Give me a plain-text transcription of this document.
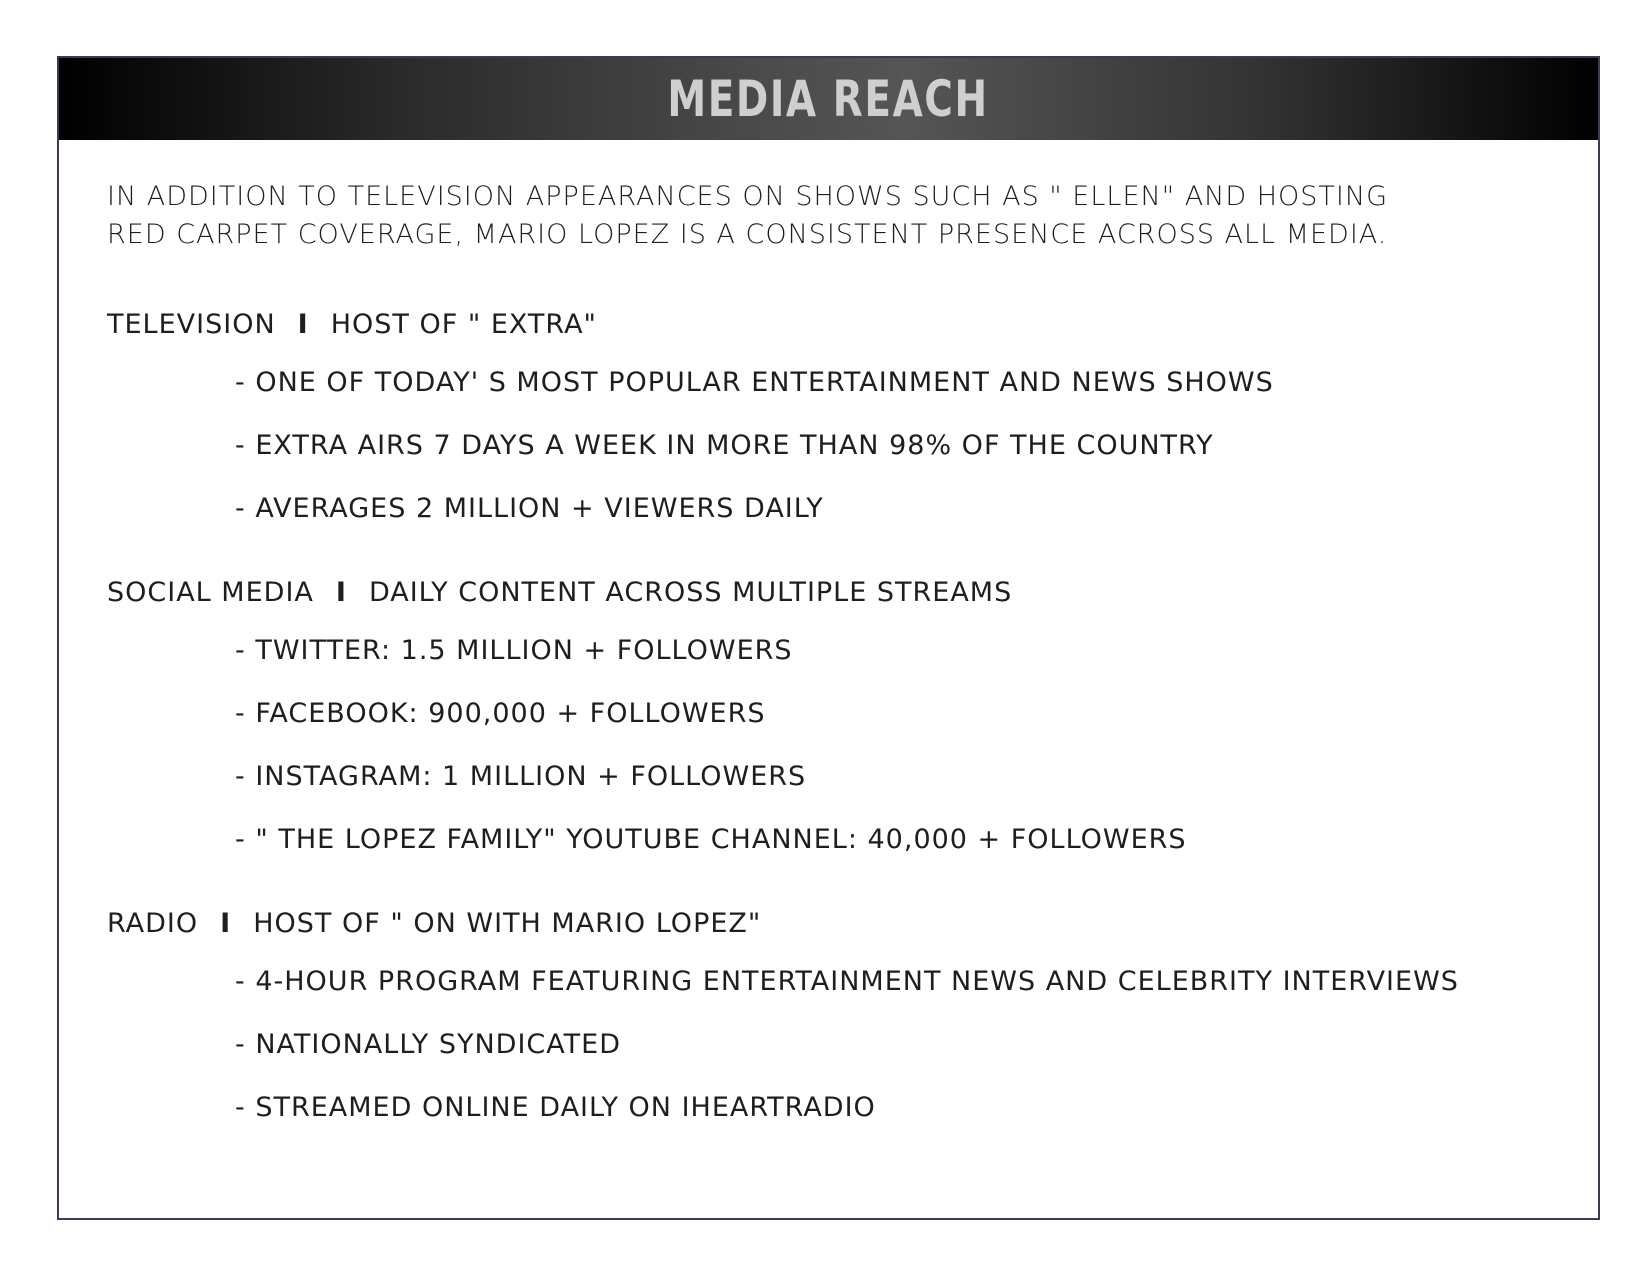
MEDIA REACH

IN ADDITION TO TELEVISION APPEARANCES ON SHOWS SUCH AS " ELLEN" AND HOSTING
RED CARPET COVERAGE, MARIO LOPEZ IS A CONSISTENT PRESENCE ACROSS ALL MEDIA.

TELEVISION I HOST OF " EXTRA"
- ONE OF TODAY' S MOST POPULAR ENTERTAINMENT AND NEWS SHOWS
- EXTRA AIRS 7 DAYS A WEEK IN MORE THAN 98% OF THE COUNTRY
- AVERAGES 2 MILLION + VIEWERS DAILY
SOCIAL MEDIA I DAILY CONTENT ACROSS MULTIPLE STREAMS
- TWITTER: 1.5 MILLION + FOLLOWERS
- FACEBOOK: 900,000 + FOLLOWERS
- INSTAGRAM: 1 MILLION + FOLLOWERS
- " THE LOPEZ FAMILY" YOUTUBE CHANNEL: 40,000 + FOLLOWERS
RADIO I HOST OF " ON WITH MARIO LOPEZ"
- 4-HOUR PROGRAM FEATURING ENTERTAINMENT NEWS AND CELEBRITY INTERVIEWS
- NATIONALLY SYNDICATED
- STREAMED ONLINE DAILY ON IHEARTRADIO
